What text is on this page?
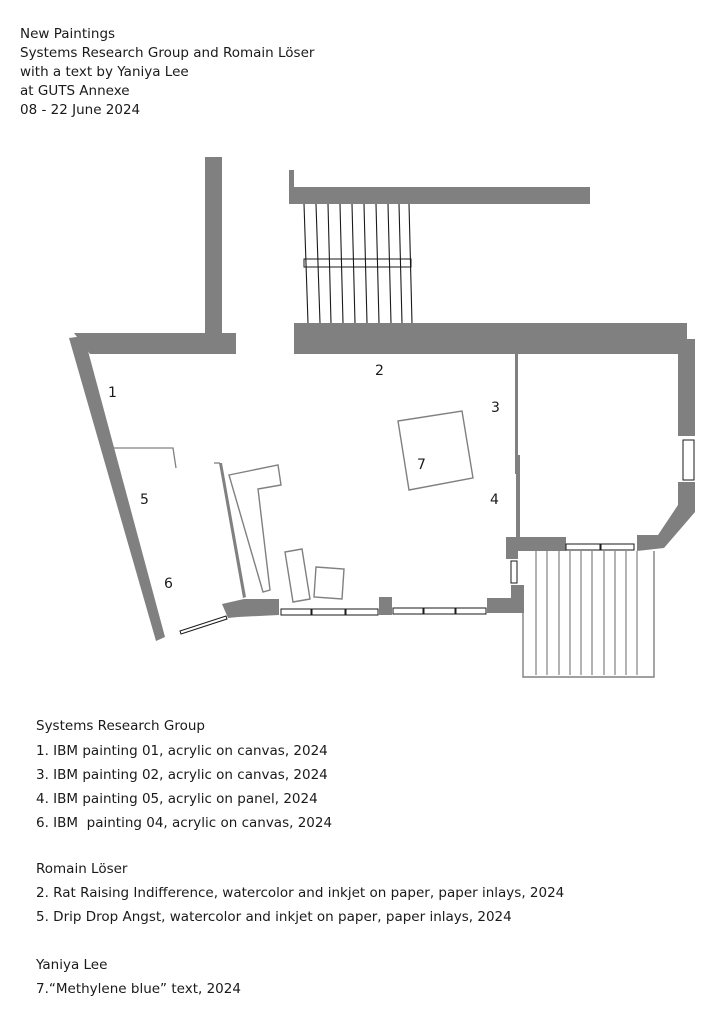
New Paintings
Systems Research Group and Romain Löser
with a text by Yaniya Lee
at GUTS Annexe
08 - 22 June 2024
1
2
3
4
5
6
7
Systems Research Group
1. IBM painting 01, acrylic on canvas, 2024
3. IBM painting 02, acrylic on canvas, 2024
4. IBM painting 05, acrylic on panel, 2024
6. IBM  painting 04, acrylic on canvas, 2024
Romain Löser
2. Rat Raising Indifference, watercolor and inkjet on paper, paper inlays, 2024
5. Drip Drop Angst, watercolor and inkjet on paper, paper inlays, 2024
Yaniya Lee
7.“Methylene blue” text, 2024
